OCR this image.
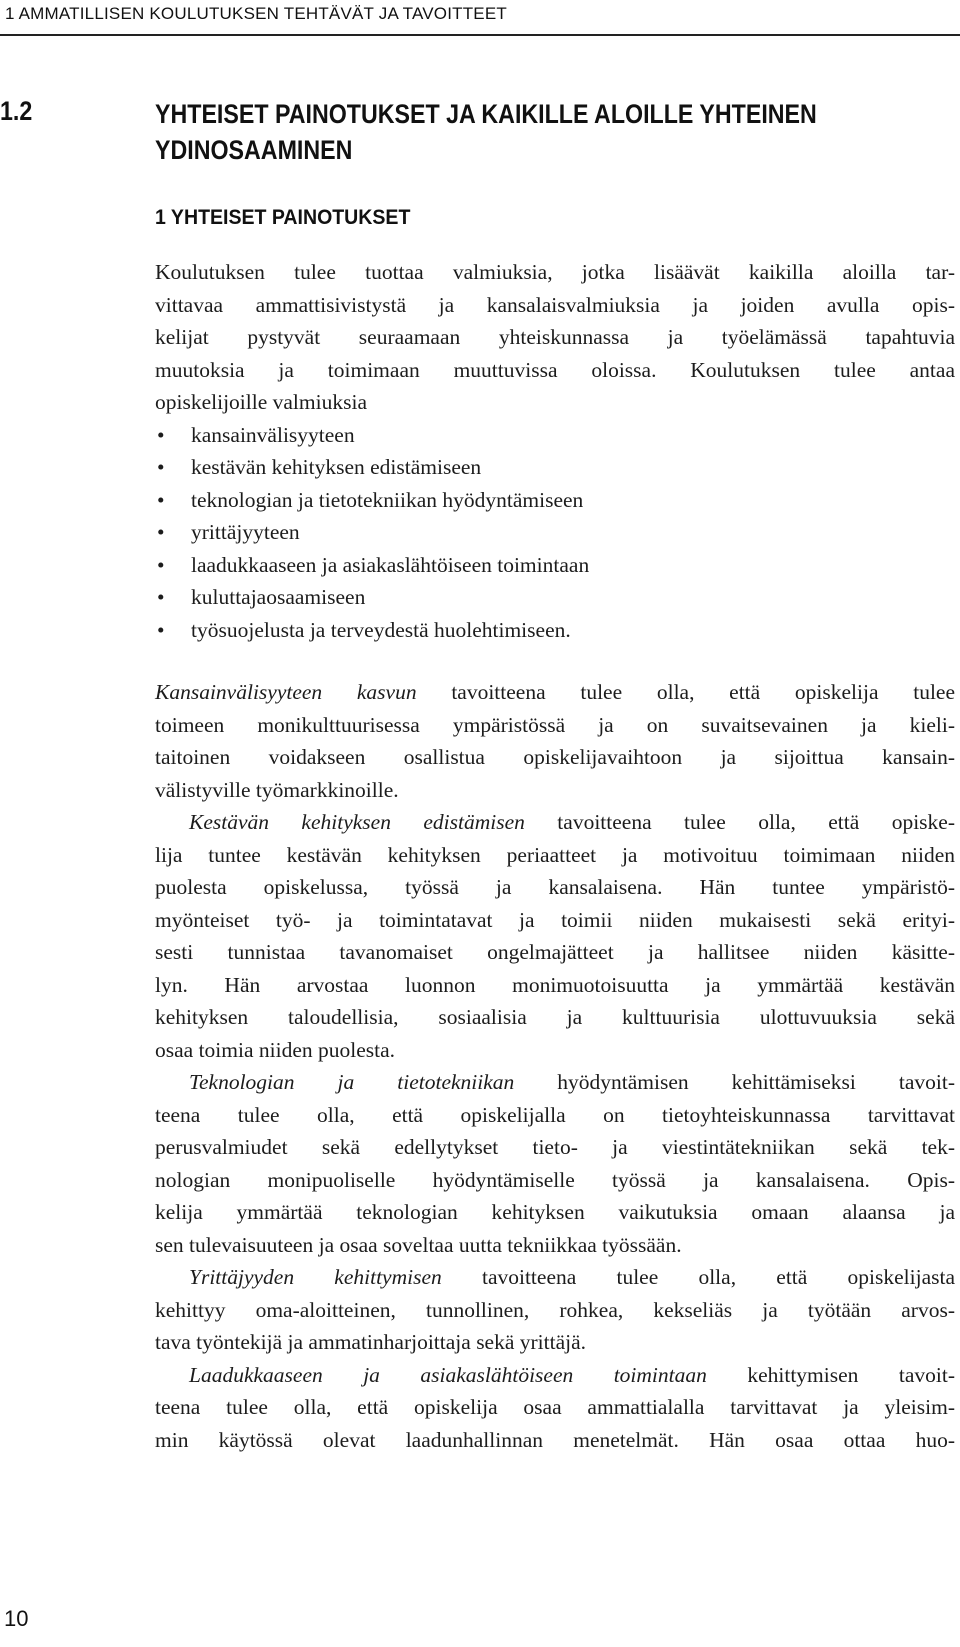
1 AMMATILLISEN KOULUTUKSEN TEHTÄVÄT JA TAVOITTEET
1.2	YHTEISET PAINOTUKSET JA KAIKILLE ALOILLE YHTEINEN
YDINOSAAMINEN
1 YHTEISET PAINOTUKSET
Koulutuksen tulee tuottaa valmiuksia, jotka lisäävät kaikilla aloilla tar-
vittavaa ammattisivistystä ja kansalaisvalmiuksia ja joiden avulla opis-
kelijat pystyvät seuraamaan yhteiskunnassa ja työelämässä tapahtuvia
muutoksia ja toimimaan muuttuvissa oloissa. Koulutuksen tulee antaa
opiskelijoille valmiuksia
• kansainvälisyyteen
• kestävän kehityksen edistämiseen
• teknologian ja tietotekniikan hyödyntämiseen
• yrittäjyyteen
• laadukkaaseen ja asiakaslähtöiseen toimintaan
• kuluttajaosaamiseen
• työsuojelusta ja terveydestä huolehtimiseen.
Kansainvälisyyteen kasvun tavoitteena tulee olla, että opiskelija tulee
toimeen monikulttuurisessa ympäristössä ja on suvaitsevainen ja kieli-
taitoinen voidakseen osallistua opiskelijavaihtoon ja sijoittua kansain-
välistyville työmarkkinoille.
Kestävän kehityksen edistämisen tavoitteena tulee olla, että opiske-
lija tuntee kestävän kehityksen periaatteet ja motivoituu toimimaan niiden
puolesta opiskelussa, työssä ja kansalaisena. Hän tuntee ympäristö-
myönteiset työ- ja toimintatavat ja toimii niiden mukaisesti sekä erityi-
sesti tunnistaa tavanomaiset ongelmajätteet ja hallitsee niiden käsitte-
lyn. Hän arvostaa luonnon monimuotoisuutta ja ymmärtää kestävän
kehityksen taloudellisia, sosiaalisia ja kulttuurisia ulottuvuuksia sekä
osaa toimia niiden puolesta.
Teknologian ja tietotekniikan hyödyntämisen kehittämiseksi tavoit-
teena tulee olla, että opiskelijalla on tietoyhteiskunnassa tarvittavat
perusvalmiudet sekä edellytykset tieto- ja viestintätekniikan sekä tek-
nologian monipuoliselle hyödyntämiselle työssä ja kansalaisena. Opis-
kelija ymmärtää teknologian kehityksen vaikutuksia omaan alaansa ja
sen tulevaisuuteen ja osaa soveltaa uutta tekniikkaa työssään.
Yrittäjyyden kehittymisen tavoitteena tulee olla, että opiskelijasta
kehittyy oma-aloitteinen, tunnollinen, rohkea, kekseliäs ja työtään arvos-
tava työntekijä ja ammatinharjoittaja sekä yrittäjä.
Laadukkaaseen ja asiakaslähtöiseen toimintaan kehittymisen tavoit-
teena tulee olla, että opiskelija osaa ammattialalla tarvittavat ja yleisim-
min käytössä olevat laadunhallinnan menetelmät. Hän osaa ottaa huo-
10
